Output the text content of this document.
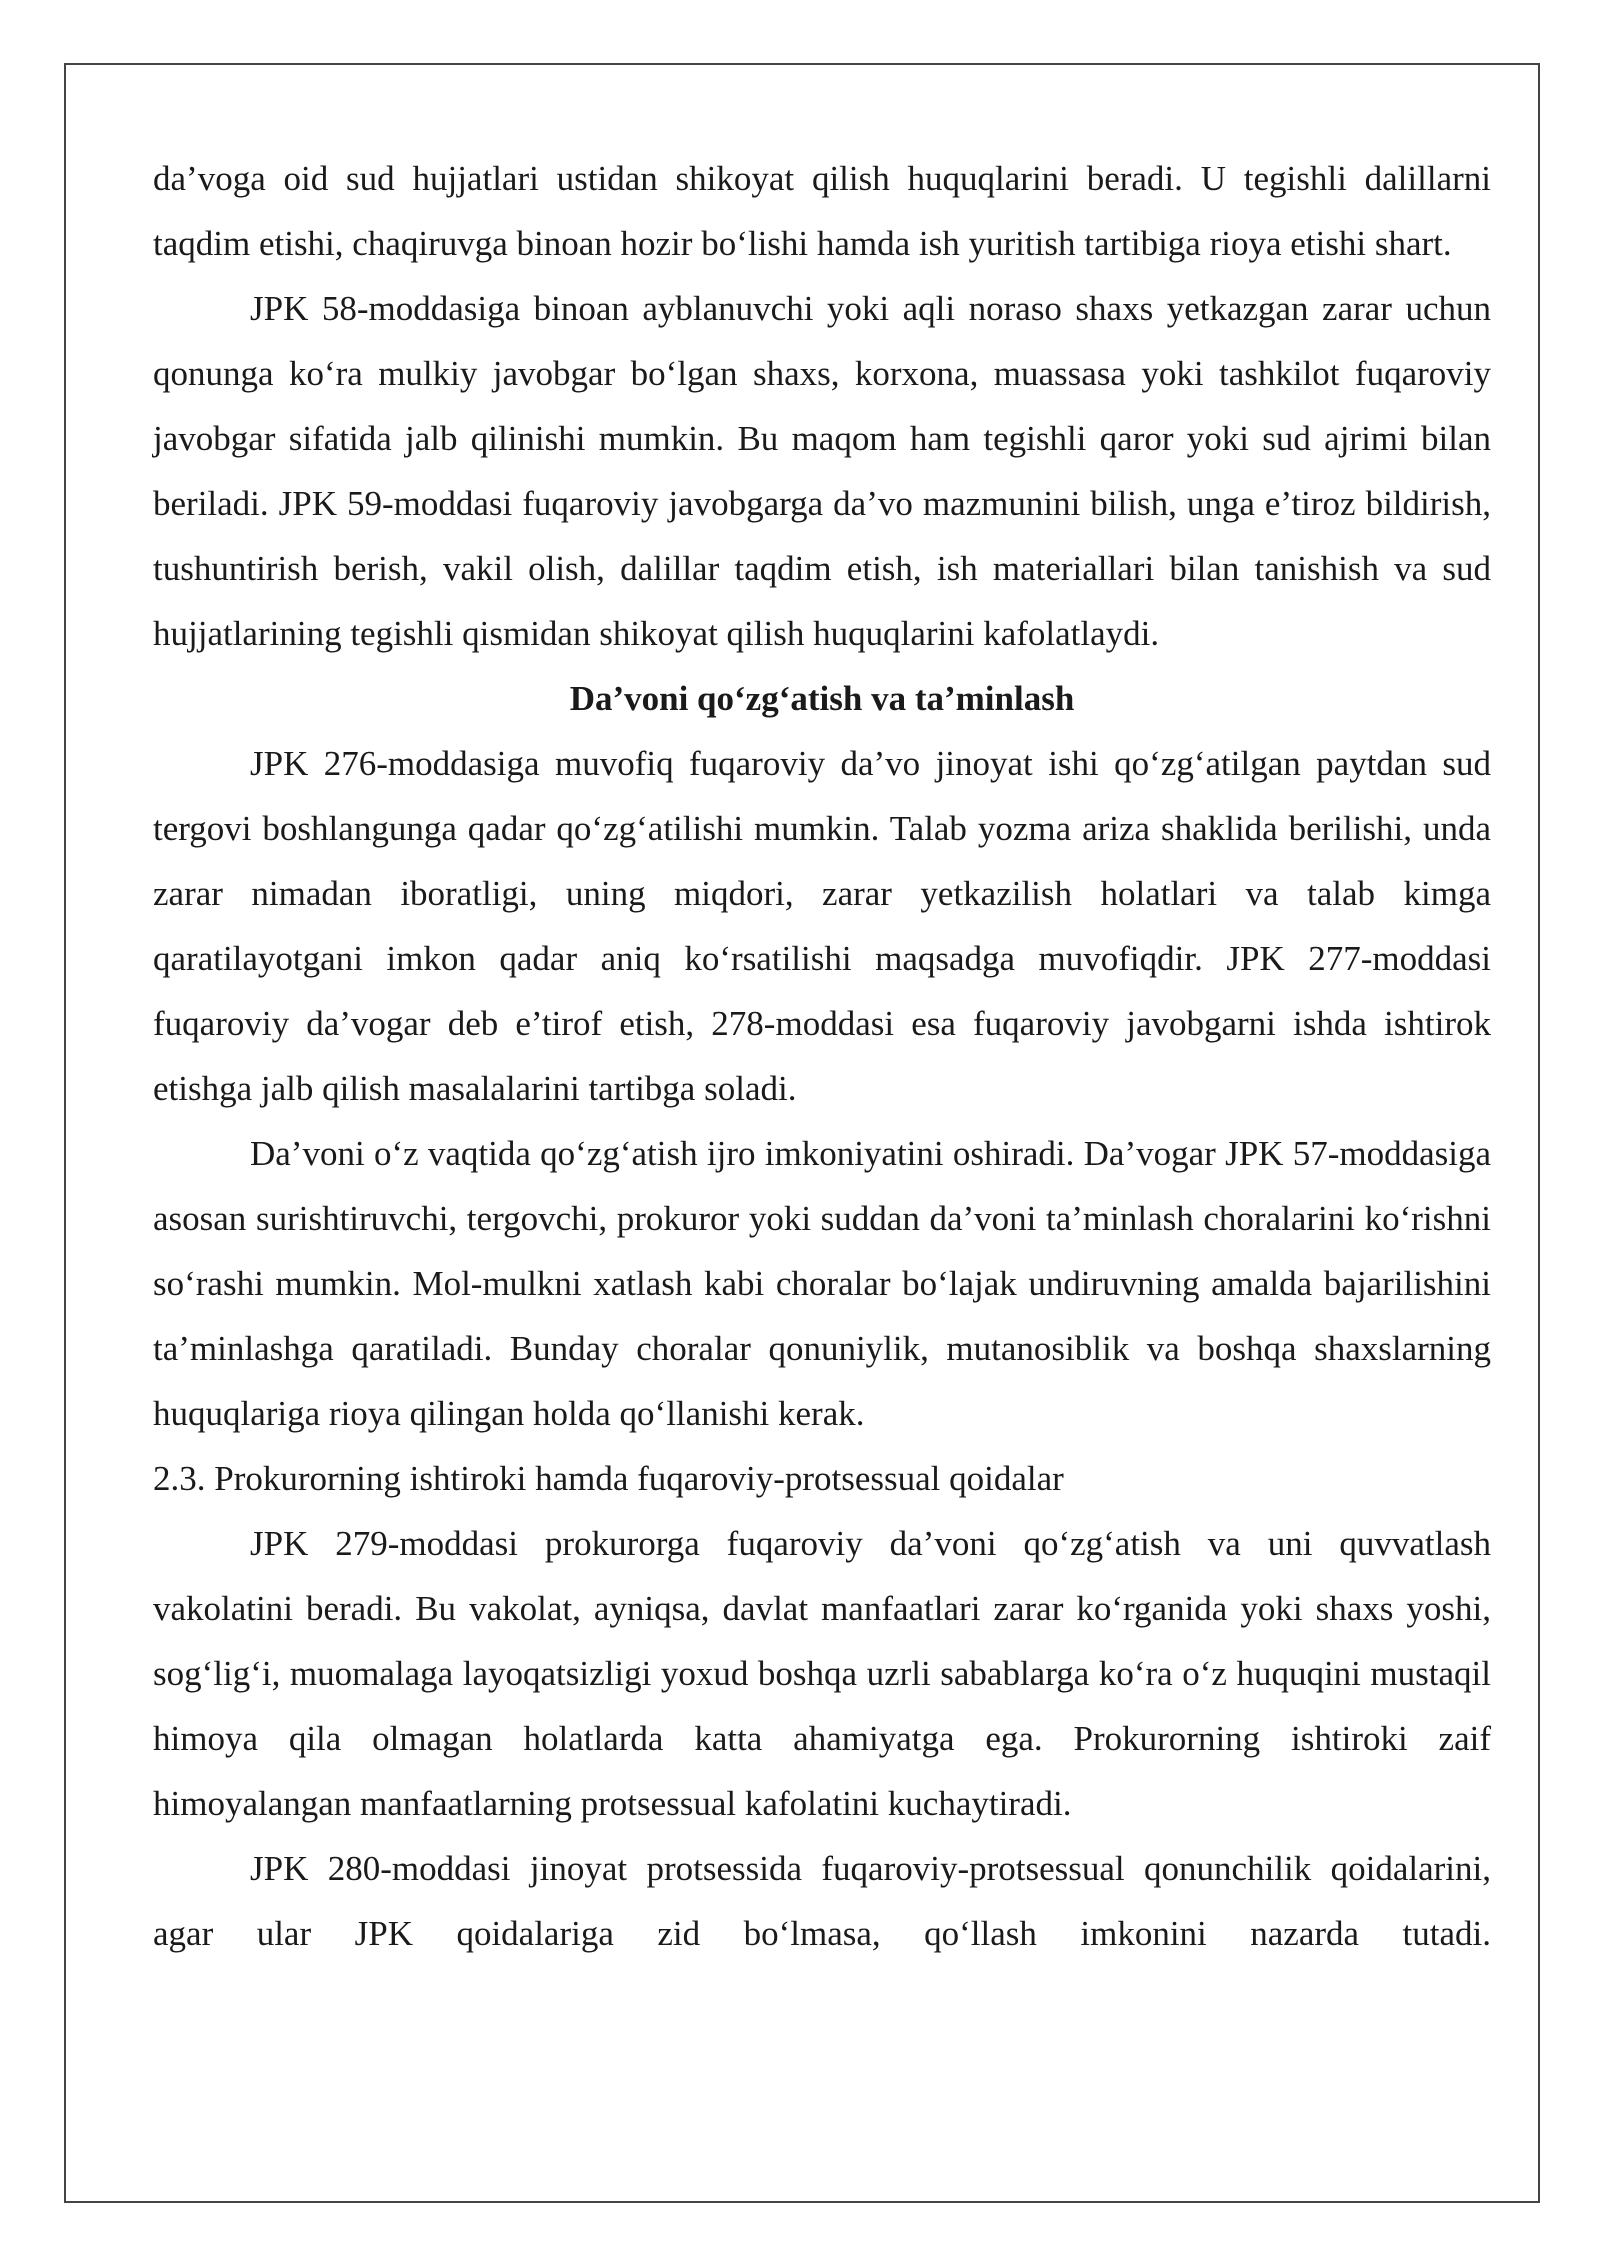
da’voga oid sud hujjatlari ustidan shikoyat qilish huquqlarini beradi. U tegishli dalillarni taqdim etishi, chaqiruvga binoan hozir bo‘lishi hamda ish yuritish tartibiga rioya etishi shart.

JPK 58-moddasiga binoan ayblanuvchi yoki aqli noraso shaxs yetkazgan zarar uchun qonunga ko‘ra mulkiy javobgar bo‘lgan shaxs, korxona, muassasa yoki tashkilot fuqaroviy javobgar sifatida jalb qilinishi mumkin. Bu maqom ham tegishli qaror yoki sud ajrimi bilan beriladi. JPK 59-moddasi fuqaroviy javobgarga da’vo mazmunini bilish, unga e’tiroz bildirish, tushuntirish berish, vakil olish, dalillar taqdim etish, ish materiallari bilan tanishish va sud hujjatlarining tegishli qismidan shikoyat qilish huquqlarini kafolatlaydi.

Da’voni qo‘zg‘atish va ta’minlash

JPK 276-moddasiga muvofiq fuqaroviy da’vo jinoyat ishi qo‘zg‘atilgan paytdan sud tergovi boshlangunga qadar qo‘zg‘atilishi mumkin. Talab yozma ariza shaklida berilishi, unda zarar nimadan iboratligi, uning miqdori, zarar yetkazilish holatlari va talab kimga qaratilayotgani imkon qadar aniq ko‘rsatilishi maqsadga muvofiqdir. JPK 277-moddasi fuqaroviy da’vogar deb e’tirof etish, 278-moddasi esa fuqaroviy javobgarni ishda ishtirok etishga jalb qilish masalalarini tartibga soladi.

Da’voni o‘z vaqtida qo‘zg‘atish ijro imkoniyatini oshiradi. Da’vogar JPK 57-moddasiga asosan surishtiruvchi, tergovchi, prokuror yoki suddan da’voni ta’minlash choralarini ko‘rishni so‘rashi mumkin. Mol-mulkni xatlash kabi choralar bo‘lajak undiruvning amalda bajarilishini ta’minlashga qaratiladi. Bunday choralar qonuniylik, mutanosiblik va boshqa shaxslarning huquqlariga rioya qilingan holda qo‘llanishi kerak.

2.3. Prokurorning ishtiroki hamda fuqaroviy-protsessual qoidalar

JPK 279-moddasi prokurorga fuqaroviy da’voni qo‘zg‘atish va uni quvvatlash vakolatini beradi. Bu vakolat, ayniqsa, davlat manfaatlari zarar ko‘rganida yoki shaxs yoshi, sog‘lig‘i, muomalaga layoqatsizligi yoxud boshqa uzrli sabablarga ko‘ra o‘z huquqini mustaqil himoya qila olmagan holatlarda katta ahamiyatga ega. Prokurorning ishtiroki zaif himoyalangan manfaatlarning protsessual kafolatini kuchaytiradi.

JPK 280-moddasi jinoyat protsessida fuqaroviy-protsessual qonunchilik qoidalarini, agar ular JPK qoidalariga zid bo‘lmasa, qo‘llash imkonini nazarda tutadi.
